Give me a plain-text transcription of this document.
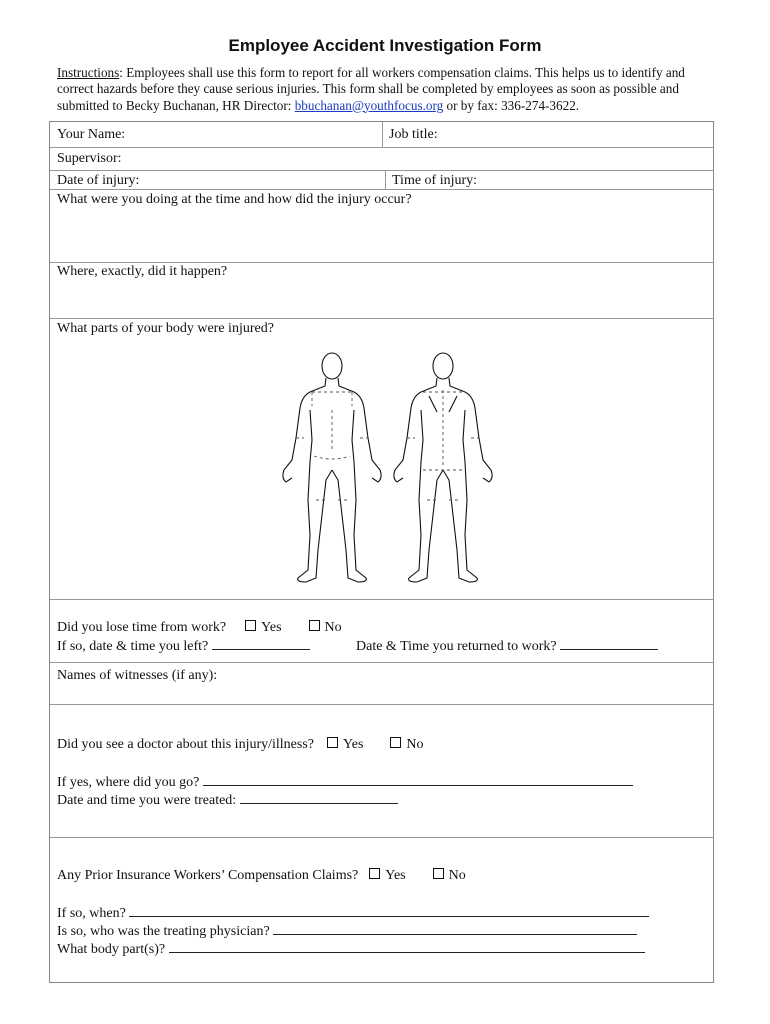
Employee Accident Investigation Form
Instructions: Employees shall use this form to report for all workers compensation claims. This helps us to identify and correct hazards before they cause serious injuries. This form shall be completed by employees as soon as possible and submitted to Becky Buchanan, HR Director: bbuchanan@youthfocus.org or by fax: 336-274-3622.
Your Name:	Job title:
Supervisor:
Date of injury:	Time of injury:
What were you doing at the time and how did the injury occur?
Where, exactly, did it happen?
What parts of your body were injured?
Did you lose time from work?	Yes	No
If so, date & time you left?	Date & Time you returned to work?
Names of witnesses (if any):
Did you see a doctor about this injury/illness? Yes	No
If yes, where did you go?
Date and time you were treated:
Any Prior Insurance Workers’ Compensation Claims? Yes	No
If so, when?
Is so, who was the treating physician?
What body part(s)?
